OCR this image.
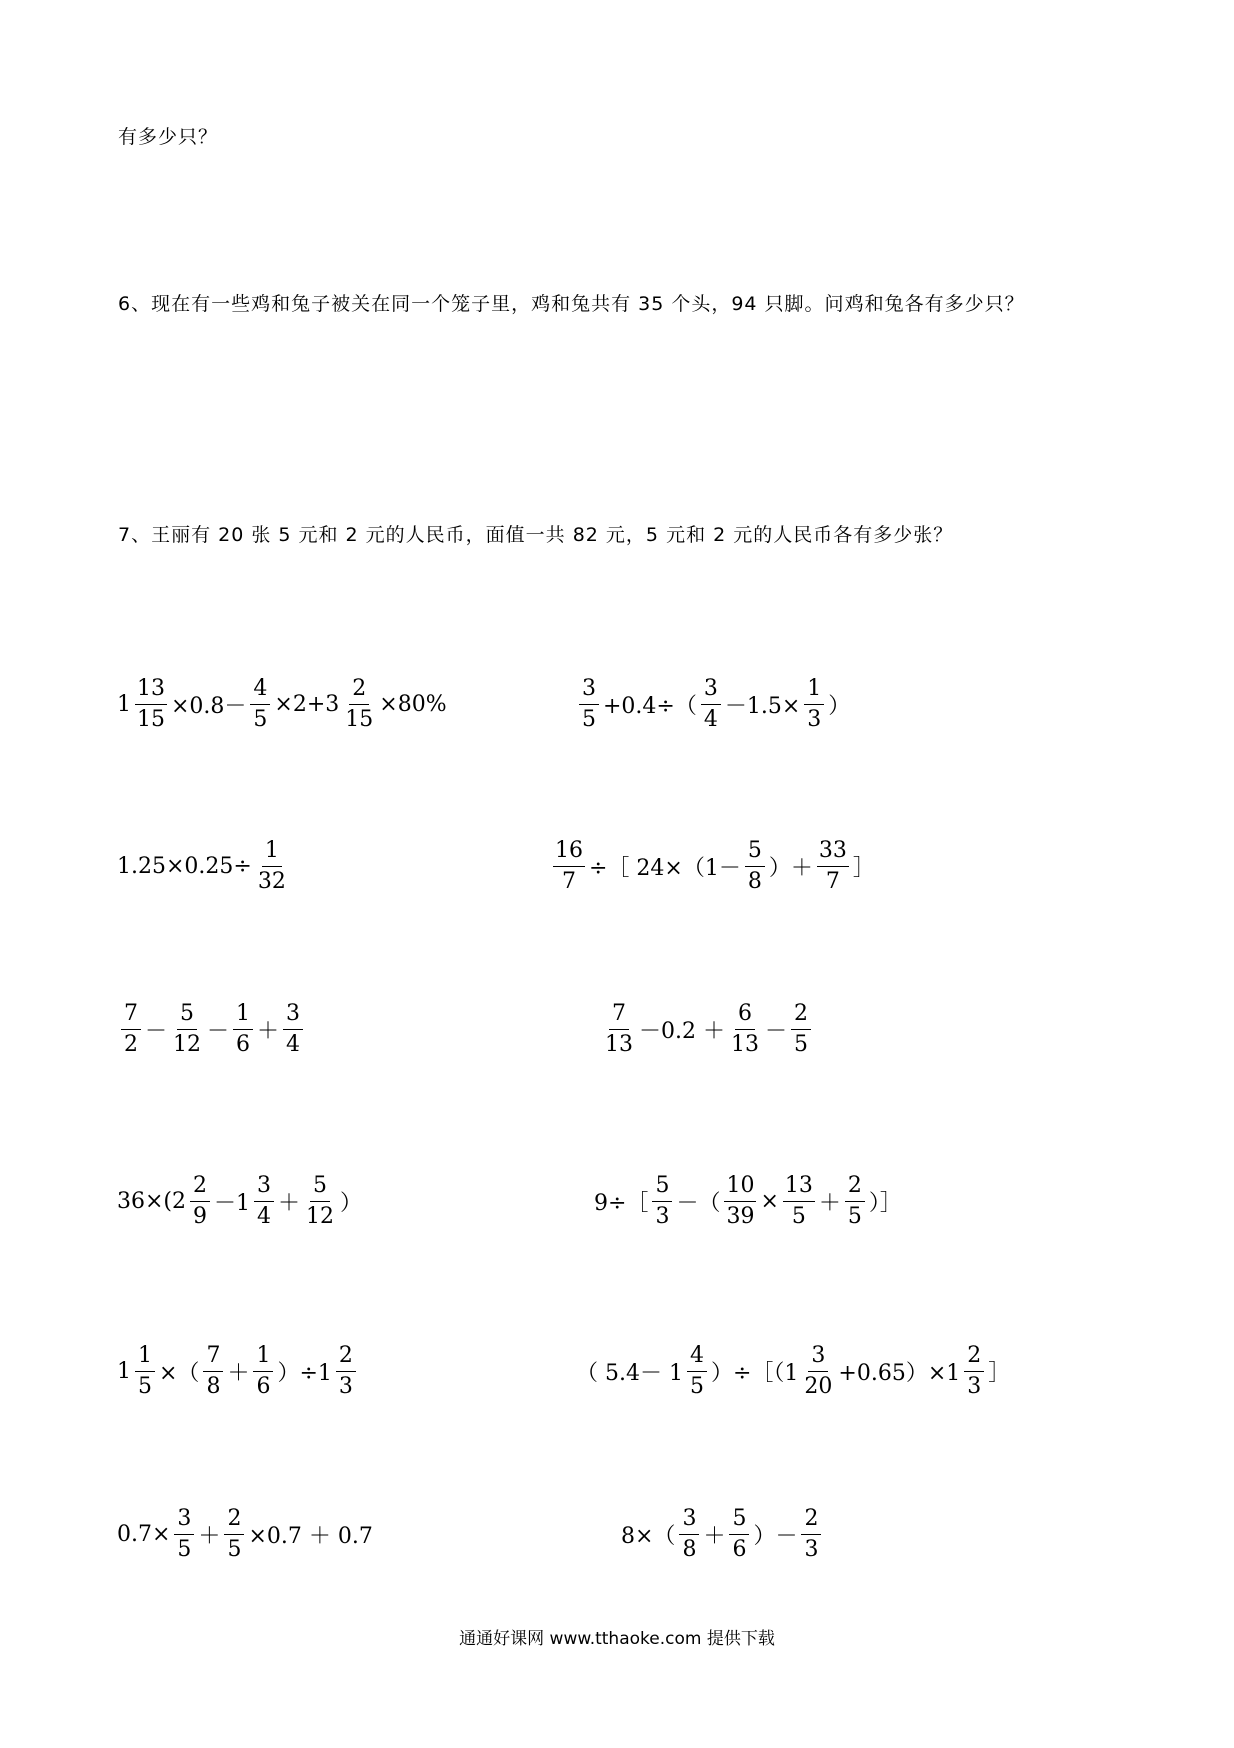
有多少只？
6、现在有一些鸡和兔子被关在同一个笼子里，鸡和兔共有 35 个头，94 只脚。问鸡和兔各有多少只？
7、王丽有 20 张 5 元和 2 元的人民币，面值一共 82 元，5 元和 2 元的人民币各有多少张？
$1 \frac{13}{15} \times 0.8- \frac{4}{5} \times 2+3 \frac{2}{15} \times 80\%$	$\frac{3}{5} +0.4\div( \frac{3}{4} -1.5\times \frac{1}{3}$ ）
$1.25\times 0.25\div \frac{1}{32}$	$\frac{16}{7}$ ÷［ $24\times(1- \frac{5}{8}$ ）＋ $\frac{33}{7}$ ］
$\frac{7}{2} - \frac{5}{12} - \frac{1}{6} + \frac{3}{4}$	$\frac{7}{13} -0.2 + \frac{6}{13} - \frac{2}{5}$
$36\times(2 \frac{2}{9} -1 \frac{3}{4} + \frac{5}{12}$ ）	9÷［ $\frac{5}{3}$ －（ $\frac{10}{39} \times \frac{13}{5} + \frac{2}{5}$ ）］
$1 \frac{1}{5}$ ×（ $\frac{7}{8} + \frac{1}{6} )\div 1 \frac{2}{3}$	（ $5.4- 1 \frac{4}{5}$ ）÷［（1 $\frac{3}{20} +0.65)\times 1 \frac{2}{3}$ ］
$0.7\times \frac{3}{5} + \frac{2}{5} \times 0.7 + 0.7$	$8\times( \frac{3}{8} + \frac{5}{6}$ ）－ $\frac{2}{3}$
通通好课网 www.tthaoke.com 提供下载
